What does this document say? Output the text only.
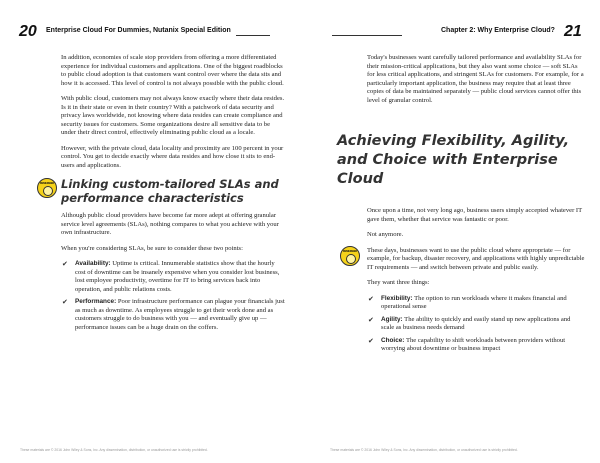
20 Enterprise Cloud For Dummies, Nutanix Special Edition

In addition, economies of scale stop providers from offering a more differentiated experience for individual customers and applications. One of the biggest roadblocks to public cloud adoption is that customers want control over where the data sits and how it is accessed. This level of control is not always possible with the public cloud.

With public cloud, customers may not always know exactly where their data resides. Is it in their state or even in their country? With a patchwork of data security and privacy laws worldwide, not knowing where data resides can create compliance and security issues for customers. Some organizations desire all sensitive data to be under their direct control, effectively eliminating public cloud as a locale.

However, with the private cloud, data locality and proximity are 100 percent in your control. You get to decide exactly where data resides and how close it sits to end-users and applications.

Linking custom-tailored SLAs and performance characteristics

Although public cloud providers have become far more adept at offering granular service level agreements (SLAs), nothing compares to what you achieve with your own infrastructure.

When you're considering SLAs, be sure to consider these two points:

✔ Availability: Uptime is critical. Innumerable statistics show that the hourly cost of downtime can be insanely expensive when you consider lost business, lost employee productivity, overtime for IT to bring services back into operation, and public relations costs.
✔ Performance: Poor infrastructure performance can plague your financials just as much as downtime. As employees struggle to get their work done and as customers struggle to do business with you — and eventually give up — performance issues can be a huge drain on the coffers.
REMEMBER
These materials are © 2016 John Wiley & Sons, Inc. Any dissemination, distribution, or unauthorized use is strictly prohibited.
Chapter 2: Why Enterprise Cloud? 21

Today's businesses want carefully tailored performance and availability SLAs for their mission-critical applications, but they also want some choice — soft SLAs for less critical applications, and stringent SLAs for customers. For example, for a particularly important application, the business may require that at least three copies of data be maintained separately — public cloud services cannot offer this level of granular control.

Achieving Flexibility, Agility, and Choice with Enterprise Cloud

Once upon a time, not very long ago, business users simply accepted whatever IT gave them, whether that service was fantastic or poor.

Not anymore.

These days, businesses want to use the public cloud where appropriate — for example, for backup, disaster recovery, and applications with highly unpredictable IT requirements — and switch between private and public easily.

They want three things:

✔ Flexibility: The option to run workloads where it makes financial and operational sense
✔ Agility: The ability to quickly and easily stand up new applications and scale as business needs demand
✔ Choice: The capability to shift workloads between providers without worrying about downtime or business impact
REMEMBER
These materials are © 2016 John Wiley & Sons, Inc. Any dissemination, distribution, or unauthorized use is strictly prohibited.
